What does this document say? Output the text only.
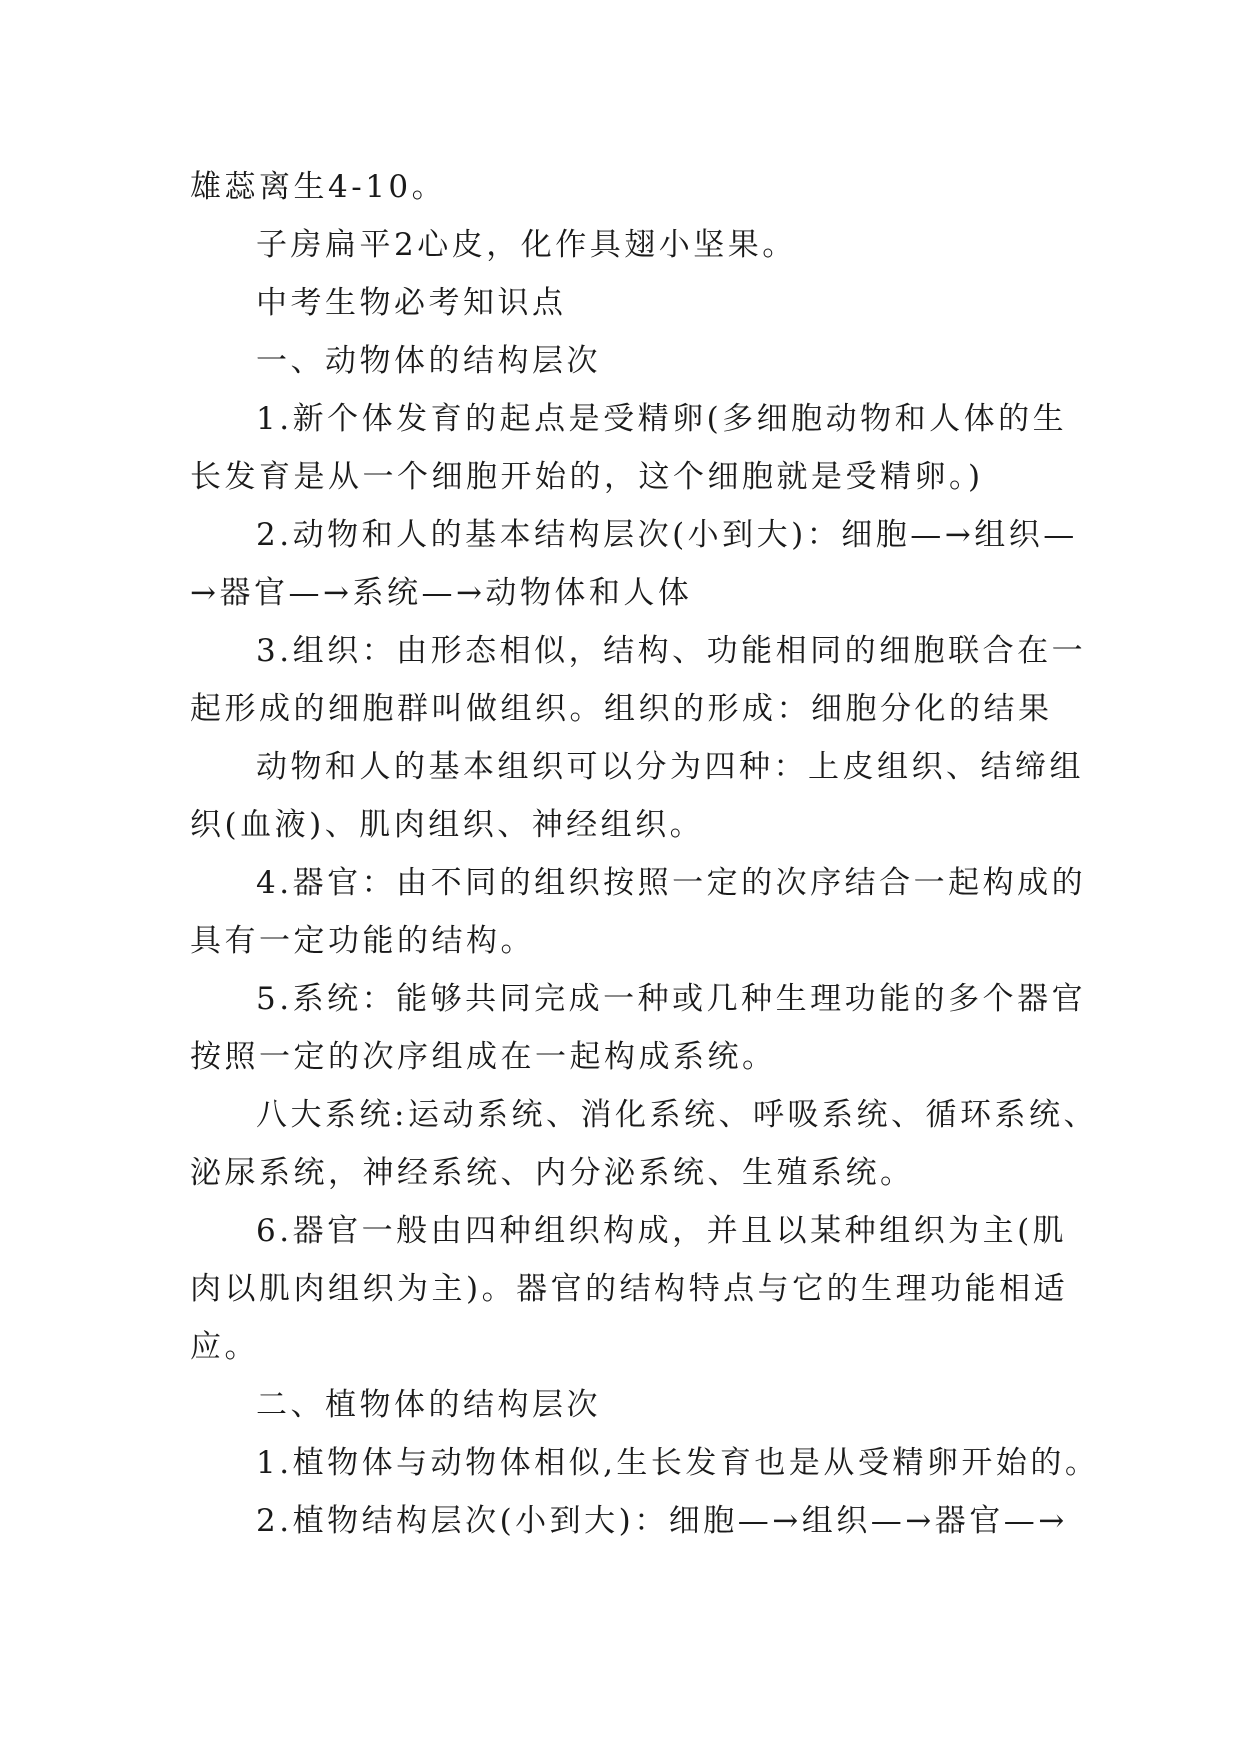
雄蕊离生4-10。
子房扁平2心皮，化作具翅小坚果。
中考生物必考知识点
一、动物体的结构层次
1.新个体发育的起点是受精卵(多细胞动物和人体的生
长发育是从一个细胞开始的，这个细胞就是受精卵。)
2.动物和人的基本结构层次(小到大)：细胞—→组织—
→器官—→系统—→动物体和人体
3.组织：由形态相似，结构、功能相同的细胞联合在一
起形成的细胞群叫做组织。组织的形成：细胞分化的结果
动物和人的基本组织可以分为四种：上皮组织、结缔组
织(血液)、肌肉组织、神经组织。
4.器官：由不同的组织按照一定的次序结合一起构成的
具有一定功能的结构。
5.系统：能够共同完成一种或几种生理功能的多个器官
按照一定的次序组成在一起构成系统。
八大系统:运动系统、消化系统、呼吸系统、循环系统、
泌尿系统，神经系统、内分泌系统、生殖系统。
6.器官一般由四种组织构成，并且以某种组织为主(肌
肉以肌肉组织为主)。器官的结构特点与它的生理功能相适
应。
二、植物体的结构层次
1.植物体与动物体相似,生长发育也是从受精卵开始的。
2.植物结构层次(小到大)：细胞—→组织—→器官—→
